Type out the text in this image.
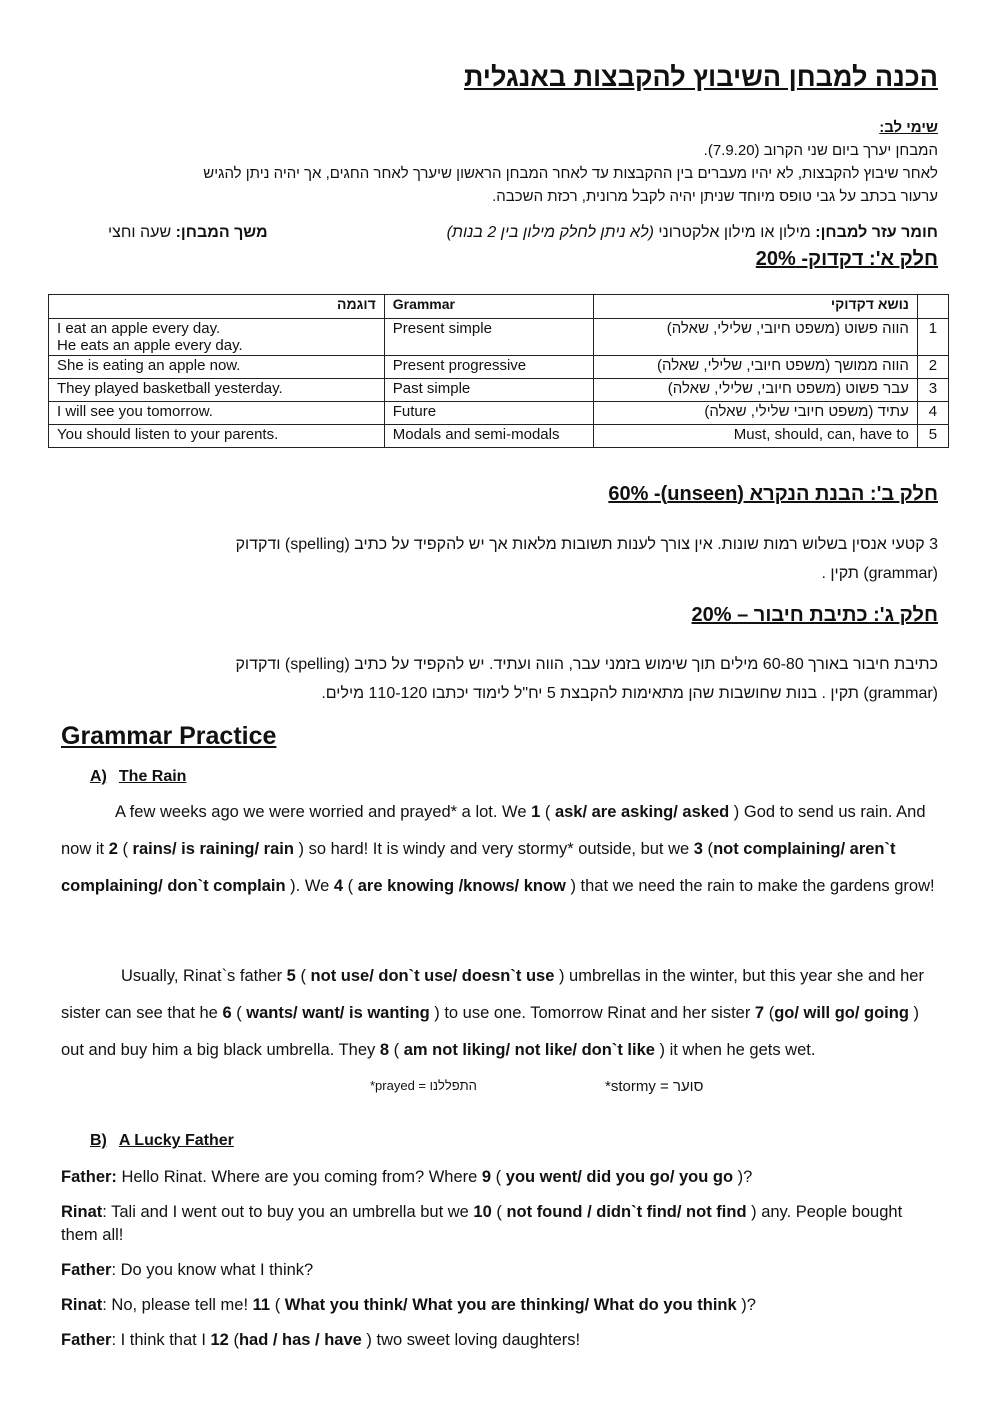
הכנה למבחן השיבוץ להקבצות באנגלית
שימי לב:
המבחן יערך ביום שני הקרוב (7.9.20).
לאחר שיבוץ להקבצות, לא יהיו מעברים בין ההקבצות עד לאחר המבחן הראשון שיערך לאחר החגים, אך יהיה ניתן להגיש
ערעור בכתב על גבי טופס מיוחד שניתן יהיה לקבל מרונית, רכזת השכבה.
חומר עזר למבחן: מילון או מילון אלקטרוני (לא ניתן לחלק מילון בין 2 בנות)
משך המבחן: שעה וחצי
חלק א': דקדוק- 20%
דוגמה	Grammar	נושא דקדוקי	

I eat an apple every day.
He eats an apple every day.	Present simple	הווה פשוט (משפט חיובי, שלילי, שאלה)	1
She is eating an apple now.	Present progressive	הווה ממושך (משפט חיובי, שלילי, שאלה)	2
They played basketball yesterday.	Past simple	עבר פשוט (משפט חיובי, שלילי, שאלה)	3
I will see you tomorrow.	Future	עתיד (משפט חיובי שלילי, שאלה)	4
You should listen to your parents.	Modals and semi-modals	Must, should, can, have to	5
חלק ב': הבנת הנקרא (unseen)- 60%
3 קטעי אנסין בשלוש רמות שונות. אין צורך לענות תשובות מלאות אך יש להקפיד על כתיב (spelling) ודקדוק
(grammar) תקין .
חלק ג': כתיבת חיבור – 20%
כתיבת חיבור באורך 60-80 מילים תוך שימוש בזמני עבר, הווה ועתיד. יש להקפיד על כתיב (spelling) ודקדוק
(grammar) תקין . בנות שחושבות שהן מתאימות להקבצת 5 יח"ל לימוד יכתבו 110-120 מילים.
Grammar Practice
A) The Rain
A few weeks ago we were worried and prayed* a lot. We 1 ( ask/ are asking/ asked ) God to send us rain. And now it 2 ( rains/ is raining/ rain ) so hard! It is windy and very stormy* outside, but we 3 (not complaining/ aren`t complaining/ don`t complain ). We 4 ( are knowing /knows/ know ) that we need the rain to make the gardens grow!
Usually, Rinat`s father 5 ( not use/ don`t use/ doesn`t use ) umbrellas in the winter, but this year she and her sister can see that he 6 ( wants/ want/ is wanting ) to use one. Tomorrow Rinat and her sister 7 (go/ will go/ going ) out and buy him a big black umbrella. They 8 ( am not liking/ not like/ don`t like ) it when he gets wet.
*prayed = התפללנו	*stormy = סוער
B) A Lucky Father
Father: Hello Rinat. Where are you coming from? Where 9 ( you went/ did you go/ you go )?
Rinat: Tali and I went out to buy you an umbrella but we 10 ( not found / didn`t find/ not find ) any. People bought them all!
Father: Do you know what I think?
Rinat: No, please tell me! 11 ( What you think/ What you are thinking/ What do you think )?
Father: I think that I 12 (had / has / have ) two sweet loving daughters!
